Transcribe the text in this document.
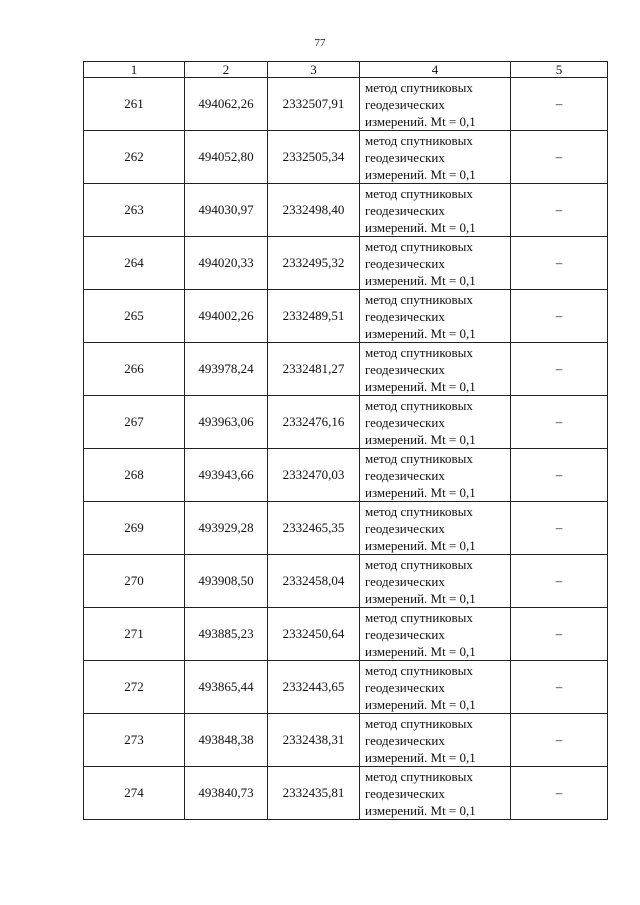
77
1	2	3	4	5
261	494062,26	2332507,91	метод спутниковых
геодезических
измерений. Mt = 0,1	–
262	494052,80	2332505,34	метод спутниковых
геодезических
измерений. Mt = 0,1	–
263	494030,97	2332498,40	метод спутниковых
геодезических
измерений. Mt = 0,1	–
264	494020,33	2332495,32	метод спутниковых
геодезических
измерений. Mt = 0,1	–
265	494002,26	2332489,51	метод спутниковых
геодезических
измерений. Mt = 0,1	–
266	493978,24	2332481,27	метод спутниковых
геодезических
измерений. Mt = 0,1	–
267	493963,06	2332476,16	метод спутниковых
геодезических
измерений. Mt = 0,1	–
268	493943,66	2332470,03	метод спутниковых
геодезических
измерений. Mt = 0,1	–
269	493929,28	2332465,35	метод спутниковых
геодезических
измерений. Mt = 0,1	–
270	493908,50	2332458,04	метод спутниковых
геодезических
измерений. Mt = 0,1	–
271	493885,23	2332450,64	метод спутниковых
геодезических
измерений. Mt = 0,1	–
272	493865,44	2332443,65	метод спутниковых
геодезических
измерений. Mt = 0,1	–
273	493848,38	2332438,31	метод спутниковых
геодезических
измерений. Mt = 0,1	–
274	493840,73	2332435,81	метод спутниковых
геодезических
измерений. Mt = 0,1	–
